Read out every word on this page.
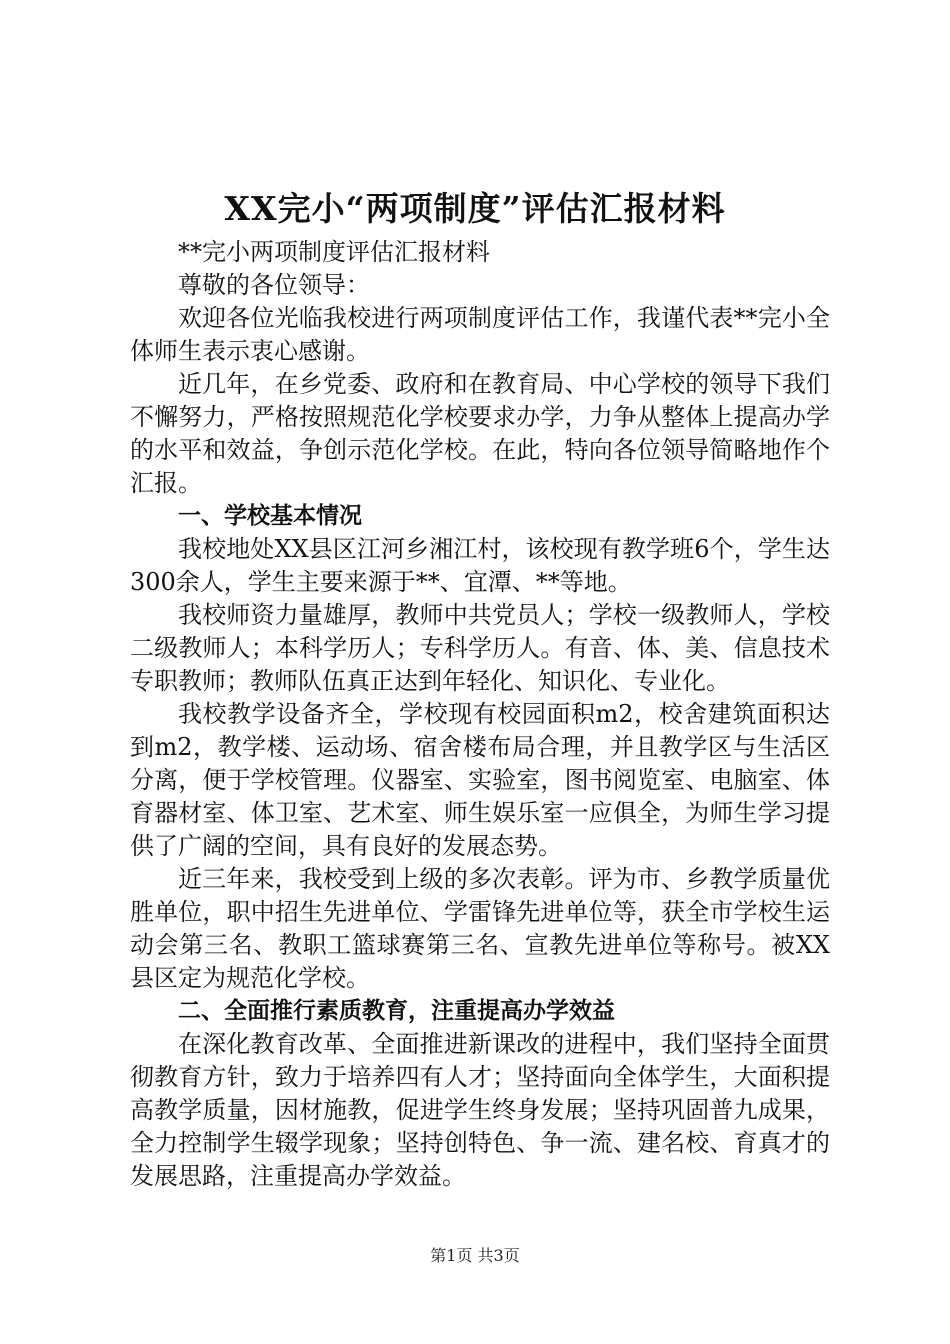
XX完小“两项制度”评估汇报材料

**完小两项制度评估汇报材料

尊敬的各位领导：

欢迎各位光临我校进行两项制度评估工作，我谨代表**完小全体师生表示衷心感谢。

近几年，在乡党委、政府和在教育局、中心学校的领导下我们不懈努力，严格按照规范化学校要求办学，力争从整体上提高办学的水平和效益，争创示范化学校。在此，特向各位领导简略地作个汇报。

一、学校基本情况

我校地处XX县区江河乡湘江村，该校现有教学班6个，学生达300余人，学生主要来源于**、宜潭、**等地。

我校师资力量雄厚，教师中共党员人；学校一级教师人，学校二级教师人；本科学历人；专科学历人。有音、体、美、信息技术专职教师；教师队伍真正达到年轻化、知识化、专业化。

我校教学设备齐全，学校现有校园面积m2，校舍建筑面积达到m2，教学楼、运动场、宿舍楼布局合理，并且教学区与生活区分离，便于学校管理。仪器室、实验室，图书阅览室、电脑室、体育器材室、体卫室、艺术室、师生娱乐室一应俱全，为师生学习提供了广阔的空间，具有良好的发展态势。

近三年来，我校受到上级的多次表彰。评为市、乡教学质量优胜单位，职中招生先进单位、学雷锋先进单位等，获全市学校生运动会第三名、教职工篮球赛第三名、宣教先进单位等称号。被XX县区定为规范化学校。

二、全面推行素质教育，注重提高办学效益

在深化教育改革、全面推进新课改的进程中，我们坚持全面贯彻教育方针，致力于培养四有人才；坚持面向全体学生，大面积提高教学质量，因材施教，促进学生终身发展；坚持巩固普九成果，全力控制学生辍学现象；坚持创特色、争一流、建名校、育真才的发展思路，注重提高办学效益。

第1页 共3页
